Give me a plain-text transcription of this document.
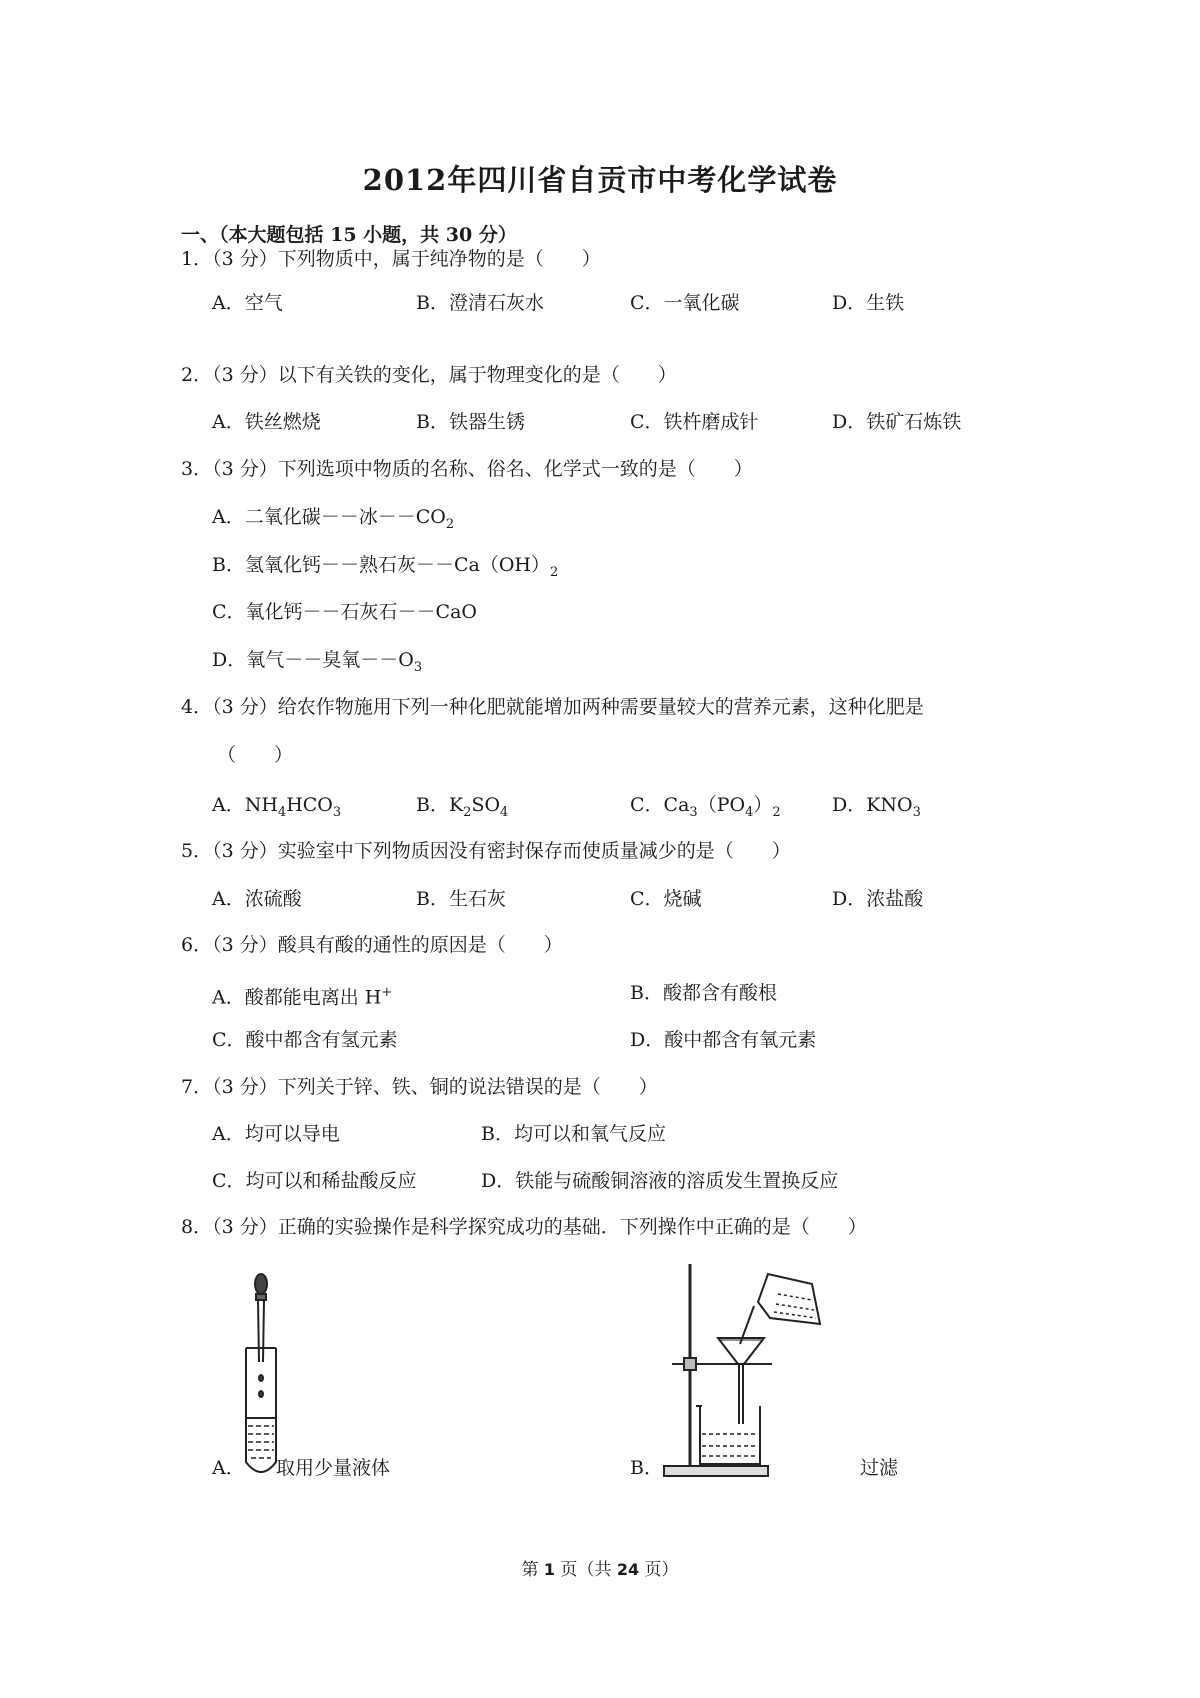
2012年四川省自贡市中考化学试卷
一、（本大题包括 15 小题，共 30 分）
1．（3 分）下列物质中，属于纯净物的是（　　）
A．空气	B．澄清石灰水	C．一氧化碳	D．生铁
2．（3 分）以下有关铁的变化，属于物理变化的是（　　）
A．铁丝燃烧	B．铁器生锈	C．铁杵磨成针	D．铁矿石炼铁
3．（3 分）下列选项中物质的名称、俗名、化学式一致的是（　　）
A．二氧化碳－－冰$--CO_2$
B．氢氧化钙－－熟石灰$--Ca(OH)_2$
C．氧化钙－－石灰石－－CaO
D．氧气－－臭氧$--O_3$
4．（3 分）给农作物施用下列一种化肥就能增加两种需要量较大的营养元素，这种化肥是
（　　）
A．$NH_4HCO_3$	B．$K_2SO_4$	C．$Ca_3(PO_4)_2$	D．$KNO_3$
5．（3 分）实验室中下列物质因没有密封保存而使质量减少的是（　　）
A．浓硫酸	B．生石灰	C．烧碱	D．浓盐酸
6．（3 分）酸具有酸的通性的原因是（　　）
A．酸都能电离出 H+	B．酸都含有酸根
C．酸中都含有氢元素	D．酸中都含有氧元素
7．（3 分）下列关于锌、铁、铜的说法错误的是（　　）
A．均可以导电	B．均可以和氧气反应
C．均可以和稀盐酸反应	D．铁能与硫酸铜溶液的溶质发生置换反应
8．（3 分）正确的实验操作是科学探究成功的基础．下列操作中正确的是（　　）
A． 取用少量液体	B．	过滤
第 1 页（共 24 页）
